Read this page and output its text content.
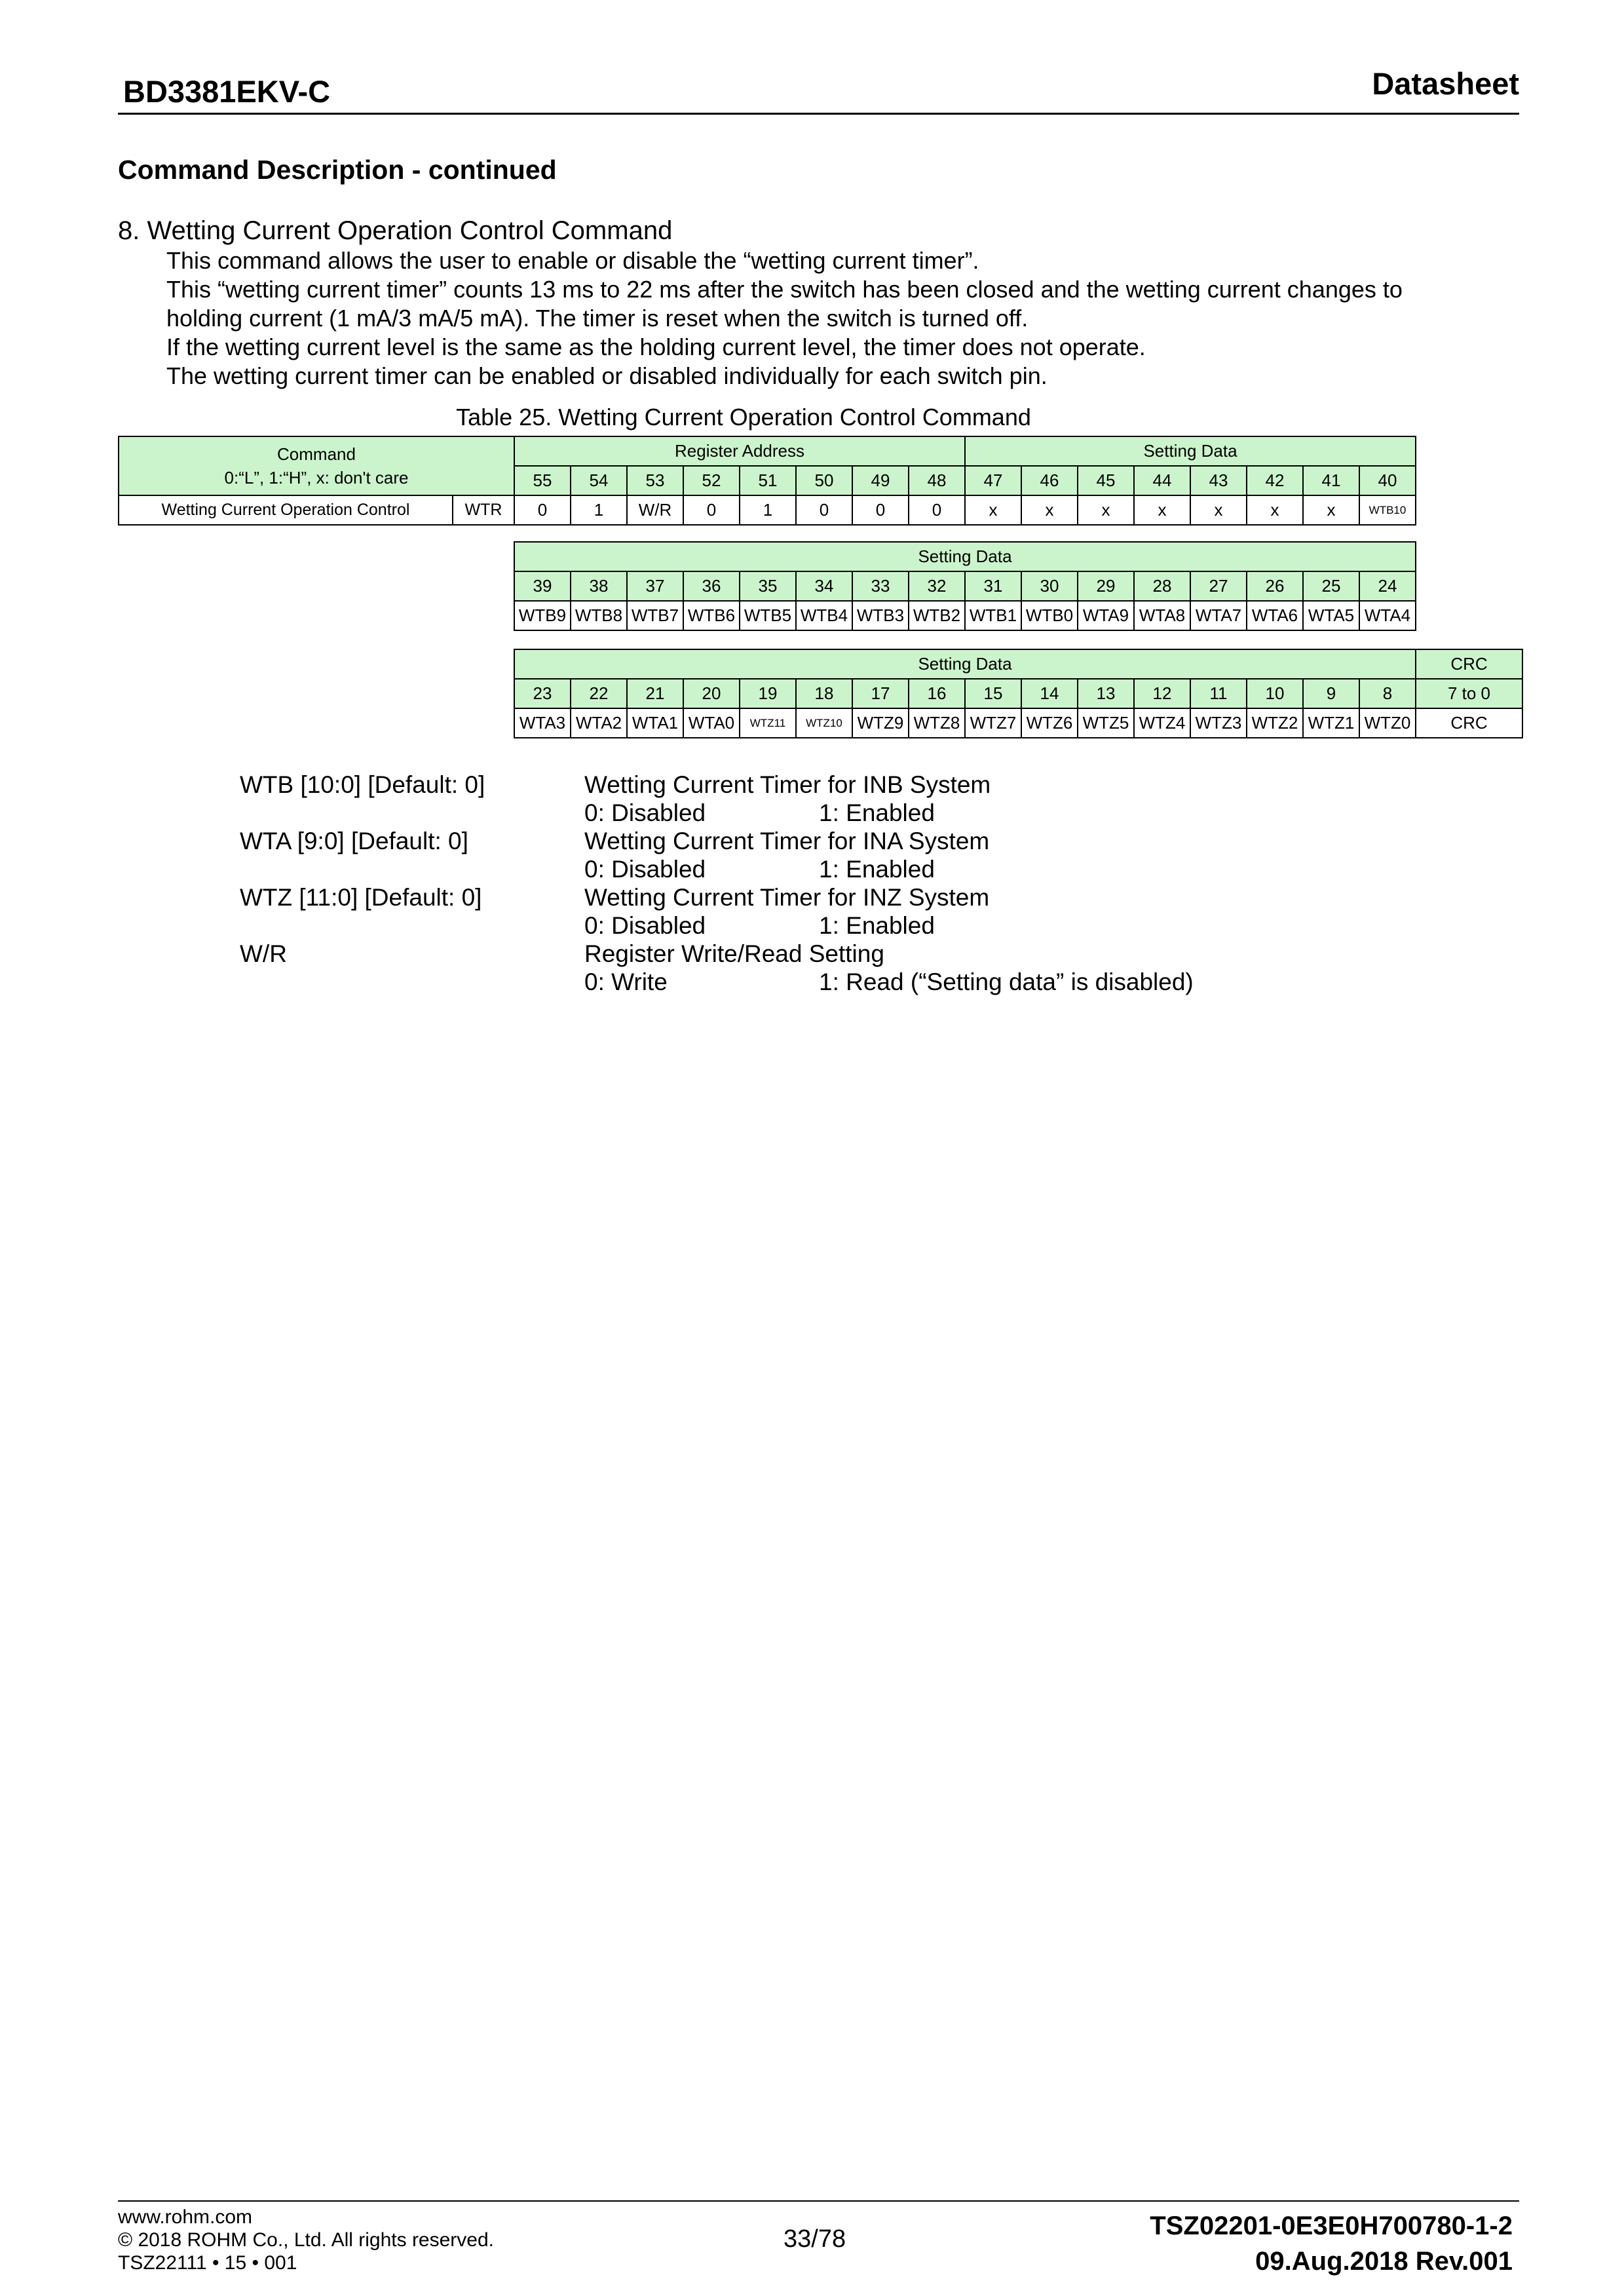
BD3381EKV-C	Datasheet
Command Description - continued
8. Wetting Current Operation Control Command
This command allows the user to enable or disable the “wetting current timer”.
This “wetting current timer” counts 13 ms to 22 ms after the switch has been closed and the wetting current changes to
holding current (1 mA/3 mA/5 mA). The timer is reset when the switch is turned off.
If the wetting current level is the same as the holding current level, the timer does not operate.
The wetting current timer can be enabled or disabled individually for each switch pin.
Table 25. Wetting Current Operation Control Command
Command
0:“L”, 1:“H”, x: don't care		Register Address								Setting Data							
		55	54	53	52	51	50	49	48	47	46	45	44	43	42	41	40
Wetting Current Operation Control	WTR	0	1	W/R	0	1	0	0	0	x	x	x	x	x	x	x	WTB10
Setting Data															
39	38	37	36	35	34	33	32	31	30	29	28	27	26	25	24
WTB9	WTB8	WTB7	WTB6	WTB5	WTB4	WTB3	WTB2	WTB1	WTB0	WTA9	WTA8	WTA7	WTA6	WTA5	WTA4
Setting Data																CRC
23	22	21	20	19	18	17	16	15	14	13	12	11	10	9	8	7 to 0
WTA3	WTA2	WTA1	WTA0	WTZ11	WTZ10	WTZ9	WTZ8	WTZ7	WTZ6	WTZ5	WTZ4	WTZ3	WTZ2	WTZ1	WTZ0	CRC
WTB [10:0] [Default: 0]	Wetting Current Timer for INB System
0: Disabled	1: Enabled
WTA [9:0] [Default: 0]	Wetting Current Timer for INA System
0: Disabled	1: Enabled
WTZ [11:0] [Default: 0]	Wetting Current Timer for INZ System
0: Disabled	1: Enabled
W/R	Register Write/Read Setting
0: Write	1: Read (“Setting data” is disabled)
www.rohm.com
© 2018 ROHM Co., Ltd. All rights reserved.
TSZ22111 • 15 • 001
33/78	TSZ02201-0E3E0H700780-1-2
09.Aug.2018 Rev.001
